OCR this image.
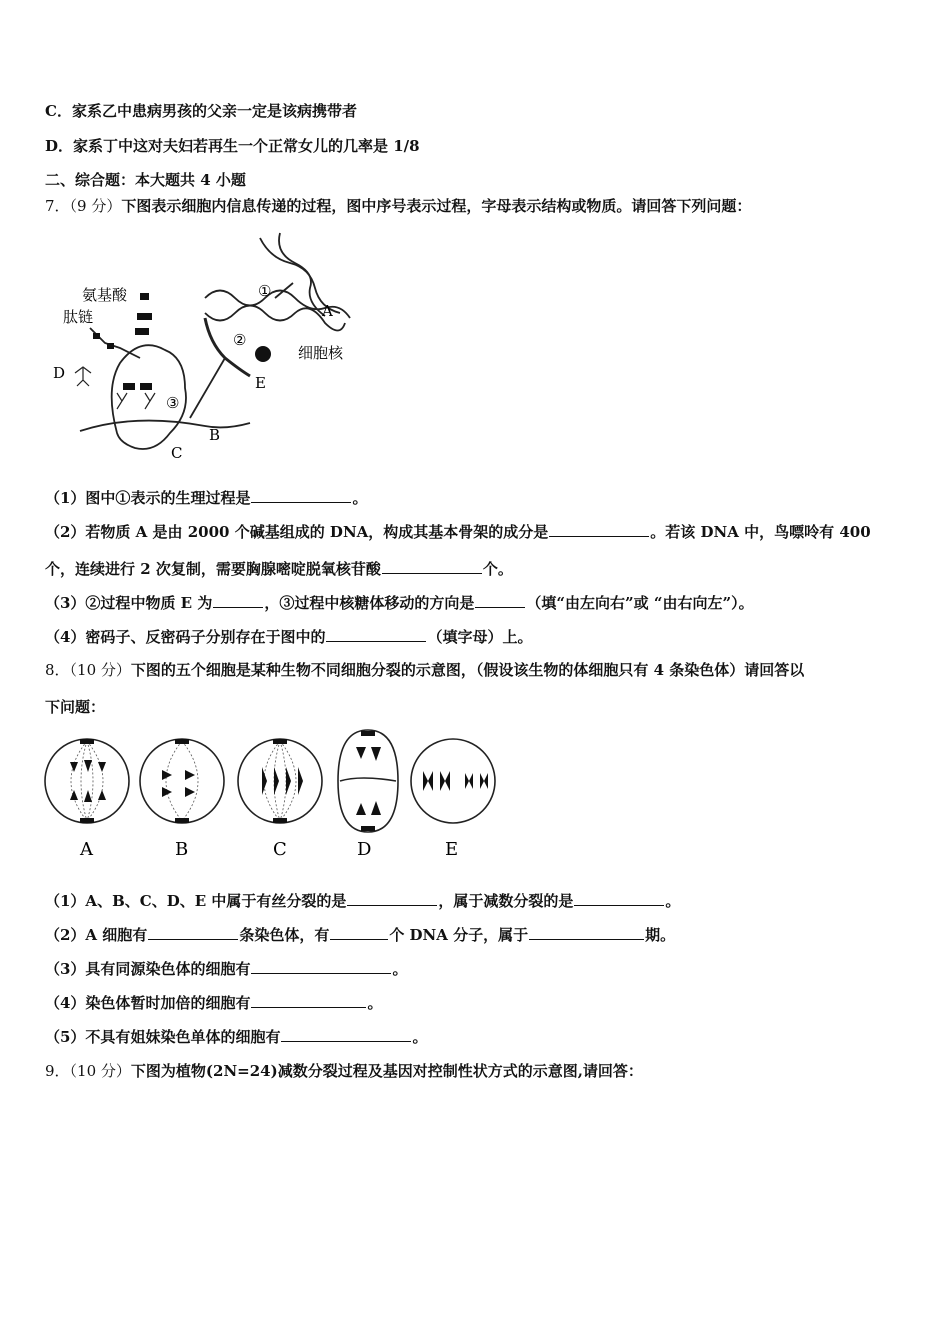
C．家系乙中患病男孩的父亲一定是该病携带者
D．家系丁中这对夫妇若再生一个正常女儿的几率是 1/8
二、综合题：本大题共 4 小题
7．（9 分）下图表示细胞内信息传递的过程，图中序号表示过程，字母表示结构或物质。请回答下列问题：
氨基酸
肽链
D
E
B
C
A
细胞核
①
②
③
（1）图中①表示的生理过程是	。
（2）若物质 A 是由 2000 个碱基组成的 DNA，构成其基本骨架的成分是	。若该 DNA 中，鸟嘌呤有 400
个，连续进行 2 次复制，需要胸腺嘧啶脱氧核苷酸	个。
（3）②过程中物质 E 为	，③过程中核糖体移动的方向是	（填“由左向右”或 “由右向左”）。
（4）密码子、反密码子分别存在于图中的	（填字母）上。
8．（10 分）下图的五个细胞是某种生物不同细胞分裂的示意图，（假设该生物的体细胞只有 4 条染色体）请回答以
下问题：
A	B	C	D	E
（1）A、B、C、D、E 中属于有丝分裂的是	，属于减数分裂的是	。
（2）A 细胞有	条染色体，有	个 DNA 分子，属于	期。
（3）具有同源染色体的细胞有	。
（4）染色体暂时加倍的细胞有	。
（5）不具有姐妹染色单体的细胞有	。
9．（10 分）下图为植物(2N=24)减数分裂过程及基因对控制性状方式的示意图,请回答：
